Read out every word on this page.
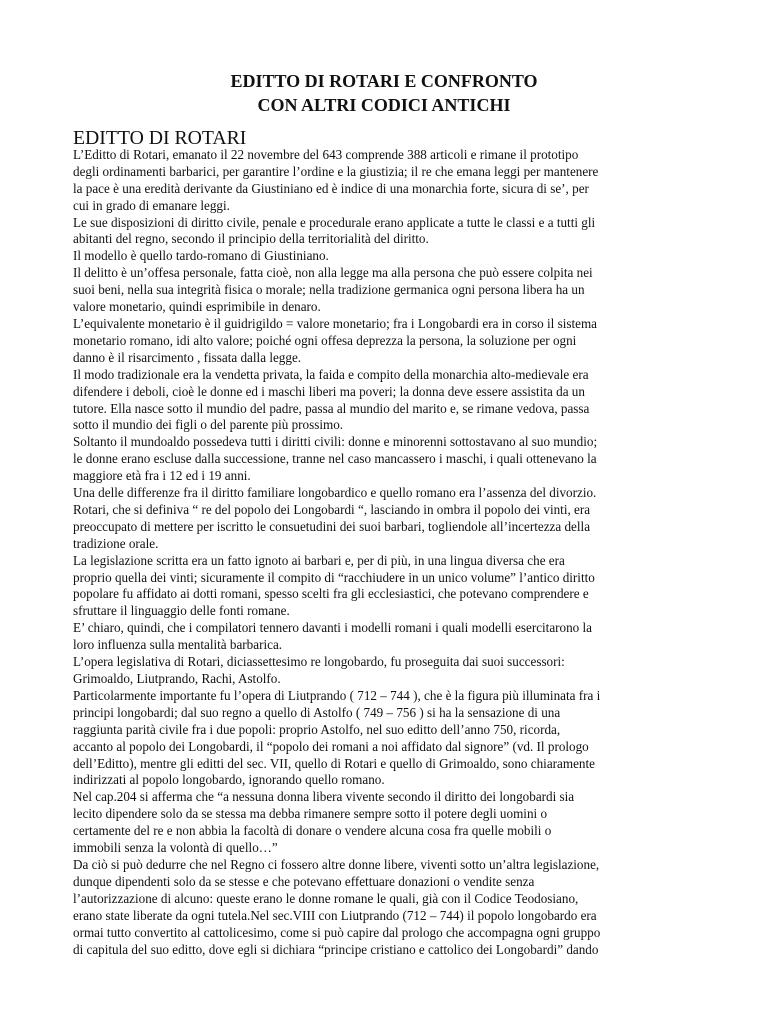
EDITTO DI ROTARI E CONFRONTO
CON ALTRI CODICI ANTICHI
EDITTO DI ROTARI

L’Editto di Rotari, emanato il 22 novembre del 643 comprende 388 articoli e rimane il prototipo
degli ordinamenti barbarici, per garantire l’ordine e la giustizia; il re che emana leggi per mantenere
la pace è una eredità derivante da Giustiniano ed è indice di una monarchia forte, sicura di se’, per
cui in grado di emanare leggi.

Le sue disposizioni di diritto civile, penale e procedurale erano applicate a tutte le classi e a tutti gli
abitanti del regno, secondo il principio della territorialità del diritto.

Il modello è quello tardo-romano di Giustiniano.

Il delitto è un’offesa personale, fatta cioè, non alla legge ma alla persona che può essere colpita nei
suoi beni, nella sua integrità fisica o morale; nella tradizione germanica ogni persona libera ha un
valore monetario, quindi esprimibile in denaro.

L’equivalente monetario è il guidrigildo = valore monetario; fra i Longobardi era in corso il sistema
monetario romano, idi alto valore; poiché ogni offesa deprezza la persona, la soluzione per ogni
danno è il risarcimento , fissata dalla legge.

Il modo tradizionale era la vendetta privata, la faida e compito della monarchia alto-medievale era
difendere i deboli, cioè le donne ed i maschi liberi ma poveri; la donna deve essere assistita da un
tutore. Ella nasce sotto il mundio del padre, passa al mundio del marito e, se rimane vedova, passa
sotto il mundio dei figli o del parente più prossimo.

Soltanto il mundoaldo possedeva tutti i diritti civili: donne e minorenni sottostavano al suo mundio;
le donne erano escluse dalla successione, tranne nel caso mancassero i maschi, i quali ottenevano la
maggiore età fra i 12 ed i 19 anni.

Una delle differenze fra il diritto familiare longobardico e quello romano era l’assenza del divorzio.
Rotari, che si definiva “ re del popolo dei Longobardi “, lasciando in ombra il popolo dei vinti, era
preoccupato di mettere per iscritto le consuetudini dei suoi barbari, togliendole all’incertezza della
tradizione orale.

La legislazione scritta era un fatto ignoto ai barbari e, per di più, in una lingua diversa che era
proprio quella dei vinti; sicuramente il compito di “racchiudere in un unico volume” l’antico diritto
popolare fu affidato ai dotti romani, spesso scelti fra gli ecclesiastici, che potevano comprendere e
sfruttare il linguaggio delle fonti romane.

E’ chiaro, quindi, che i compilatori tennero davanti i modelli romani i quali modelli esercitarono la
loro influenza sulla mentalità barbarica.

L’opera legislativa di Rotari, diciassettesimo re longobardo, fu proseguita dai suoi successori:
Grimoaldo, Liutprando, Rachi, Astolfo.

Particolarmente importante fu l’opera di Liutprando ( 712 – 744 ), che è la figura più illuminata fra i
principi longobardi; dal suo regno a quello di Astolfo ( 749 – 756 ) si ha la sensazione di una
raggiunta parità civile fra i due popoli: proprio Astolfo, nel suo editto dell’anno 750, ricorda,
accanto al popolo dei Longobardi, il “popolo dei romani a noi affidato dal signore” (vd. Il prologo
dell’Editto), mentre gli editti del sec. VII, quello di Rotari e quello di Grimoaldo, sono chiaramente
indirizzati al popolo longobardo, ignorando quello romano.

Nel cap.204 si afferma che “a nessuna donna libera vivente secondo il diritto dei longobardi sia
lecito dipendere solo da se stessa ma debba rimanere sempre sotto il potere degli uomini o
certamente del re e non abbia la facoltà di donare o vendere alcuna cosa fra quelle mobili o
immobili senza la volontà di quello…”

Da ciò si può dedurre che nel Regno ci fossero altre donne libere, viventi sotto un’altra legislazione,
dunque dipendenti solo da se stesse e che potevano effettuare donazioni o vendite senza
l’autorizzazione di alcuno: queste erano le donne romane le quali, già con il Codice Teodosiano,
erano state liberate da ogni tutela.Nel sec.VIII con Liutprando (712 – 744) il popolo longobardo era
ormai tutto convertito al cattolicesimo, come si può capire dal prologo che accompagna ogni gruppo
di capitula del suo editto, dove egli si dichiara “principe cristiano e cattolico dei Longobardi” dando
